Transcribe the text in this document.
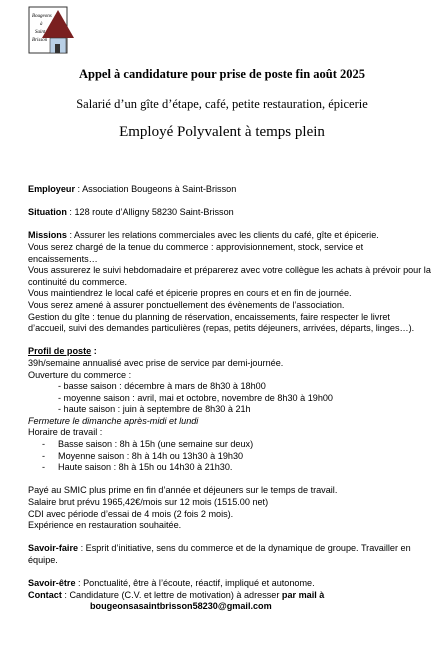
Bougeons
à
Saint
Brisson
Appel à candidature pour prise de poste fin août 2025
Salarié d’un gîte d’étape, café, petite restauration, épicerie
Employé Polyvalent à temps plein

Employeur : Association Bougeons à Saint-Brisson

Situation : 128 route d’Alligny 58230 Saint-Brisson

Missions : Assurer les relations commerciales avec les clients du café, gîte et épicerie.

Vous serez chargé de la tenue du commerce : approvisionnement, stock, service et

encaissements…

Vous assurerez le suivi hebdomadaire et préparerez avec votre collègue les achats à prévoir pour la

continuité du commerce.

Vous maintiendrez le local café et épicerie propres en cours et en fin de journée.

Vous serez amené à assurer ponctuellement des évènements de l’association.

Gestion du gîte : tenue du planning de réservation, encaissements, faire respecter le livret

d’accueil, suivi des demandes particulières (repas, petits déjeuners, arrivées, départs, linges…).

Profil de poste :

39h/semaine annualisé avec prise de service par demi-journée.

Ouverture du commerce :

- basse saison : décembre à mars de 8h30 à 18h00

- moyenne saison : avril, mai et octobre, novembre de 8h30 à 19h00

- haute saison : juin à septembre de 8h30 à 21h

Fermeture le dimanche après-midi et lundi

Horaire de travail :

- Basse saison : 8h à 15h (une semaine sur deux)

- Moyenne saison : 8h à 14h ou 13h30 à 19h30

- Haute saison : 8h à 15h ou 14h30 à 21h30.

Payé au SMIC plus prime en fin d’année et déjeuners sur le temps de travail.

Salaire brut prévu 1965,42€/mois sur 12 mois (1515.00 net)

CDI avec période d’essai de 4 mois (2 fois 2 mois).

Expérience en restauration souhaitée.

Savoir-faire : Esprit d’initiative, sens du commerce et de la dynamique de groupe. Travailler en

équipe.

Savoir-être : Ponctualité, être à l’écoute, réactif, impliqué et autonome.

Contact : Candidature (C.V. et lettre de motivation) à adresser par mail à

bougeonsasaintbrisson58230@gmail.com
